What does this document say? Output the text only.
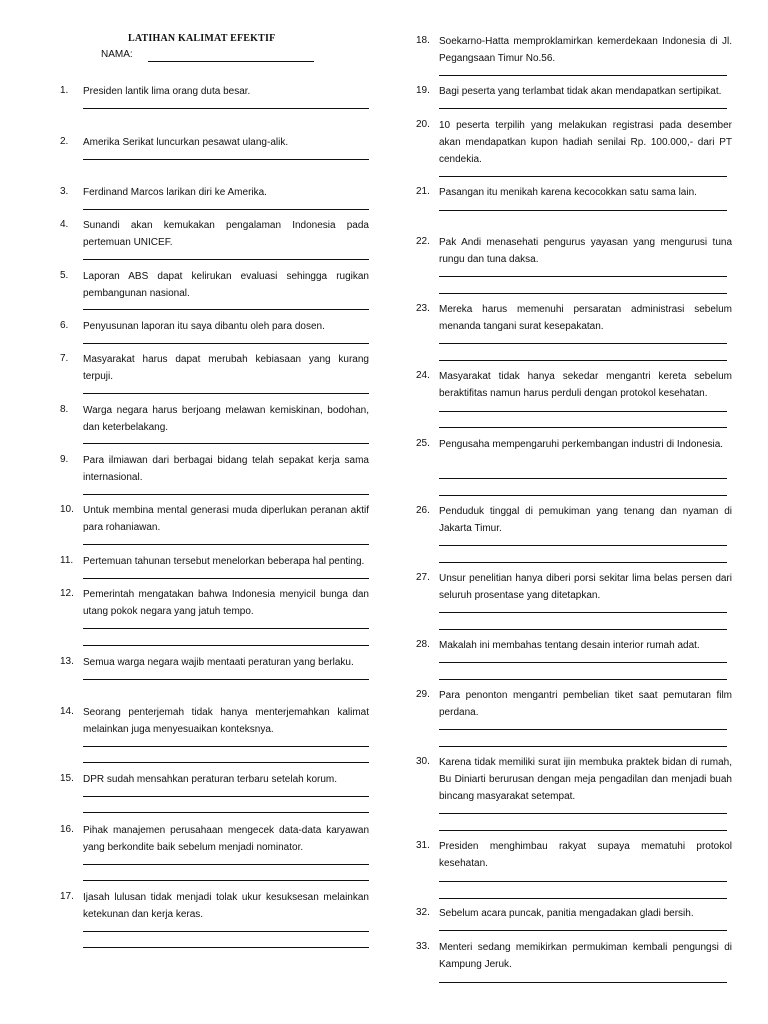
LATIHAN KALIMAT EFEKTIF
NAMA:
1. Presiden lantik lima orang duta besar.
2. Amerika Serikat luncurkan pesawat ulang-alik.
3. Ferdinand Marcos larikan diri ke Amerika.
4. Sunandi akan kemukakan pengalaman Indonesia pada pertemuan UNICEF.
5. Laporan ABS dapat kelirukan evaluasi sehingga rugikan pembangunan nasional.
6. Penyusunan laporan itu saya dibantu oleh para dosen.
7. Masyarakat harus dapat merubah kebiasaan yang kurang terpuji.
8. Warga negara harus berjoang melawan kemiskinan, bodohan, dan keterbelakang.
9. Para ilmiawan dari berbagai bidang telah sepakat kerja sama internasional.
10. Untuk membina mental generasi muda diperlukan peranan aktif para rohaniawan.
11. Pertemuan tahunan tersebut menelorkan beberapa hal penting.
12. Pemerintah mengatakan bahwa Indonesia menyicil bunga dan utang pokok negara yang jatuh tempo.
13. Semua warga negara wajib mentaati peraturan yang berlaku.
14. Seorang penterjemah tidak hanya menterjemahkan kalimat melainkan juga menyesuaikan konteksnya.
15. DPR sudah mensahkan peraturan terbaru setelah korum.
16. Pihak manajemen perusahaan mengecek data-data karyawan yang berkondite baik sebelum menjadi nominator.
17. Ijasah lulusan tidak menjadi tolak ukur kesuksesan melainkan ketekunan dan kerja keras.
18. Soekarno-Hatta memproklamirkan kemerdekaan Indonesia di Jl. Pegangsaan Timur No.56.
19. Bagi peserta yang terlambat tidak akan mendapatkan sertipikat.
20. 10 peserta terpilih yang melakukan registrasi pada desember akan mendapatkan kupon hadiah senilai Rp. 100.000,- dari PT cendekia.
21. Pasangan itu menikah karena kecocokkan satu sama lain.
22. Pak Andi menasehati pengurus yayasan yang mengurusi tuna rungu dan tuna daksa.
23. Mereka harus memenuhi persaratan administrasi sebelum menanda tangani surat kesepakatan.
24. Masyarakat tidak hanya sekedar mengantri kereta sebelum beraktifitas namun harus perduli dengan protokol kesehatan.
25. Pengusaha mempengaruhi perkembangan industri di Indonesia.
26. Penduduk tinggal di pemukiman yang tenang dan nyaman di Jakarta Timur.
27. Unsur penelitian hanya diberi porsi sekitar lima belas persen dari seluruh prosentase yang ditetapkan.
28. Makalah ini membahas tentang desain interior rumah adat.
29. Para penonton mengantri pembelian tiket saat pemutaran film perdana.
30. Karena tidak memiliki surat ijin membuka praktek bidan di rumah, Bu Diniarti berurusan dengan meja pengadilan dan menjadi buah bincang masyarakat setempat.
31. Presiden menghimbau rakyat supaya mematuhi protokol kesehatan.
32. Sebelum acara puncak, panitia mengadakan gladi bersih.
33. Menteri sedang memikirkan permukiman kembali pengungsi di Kampung Jeruk.
